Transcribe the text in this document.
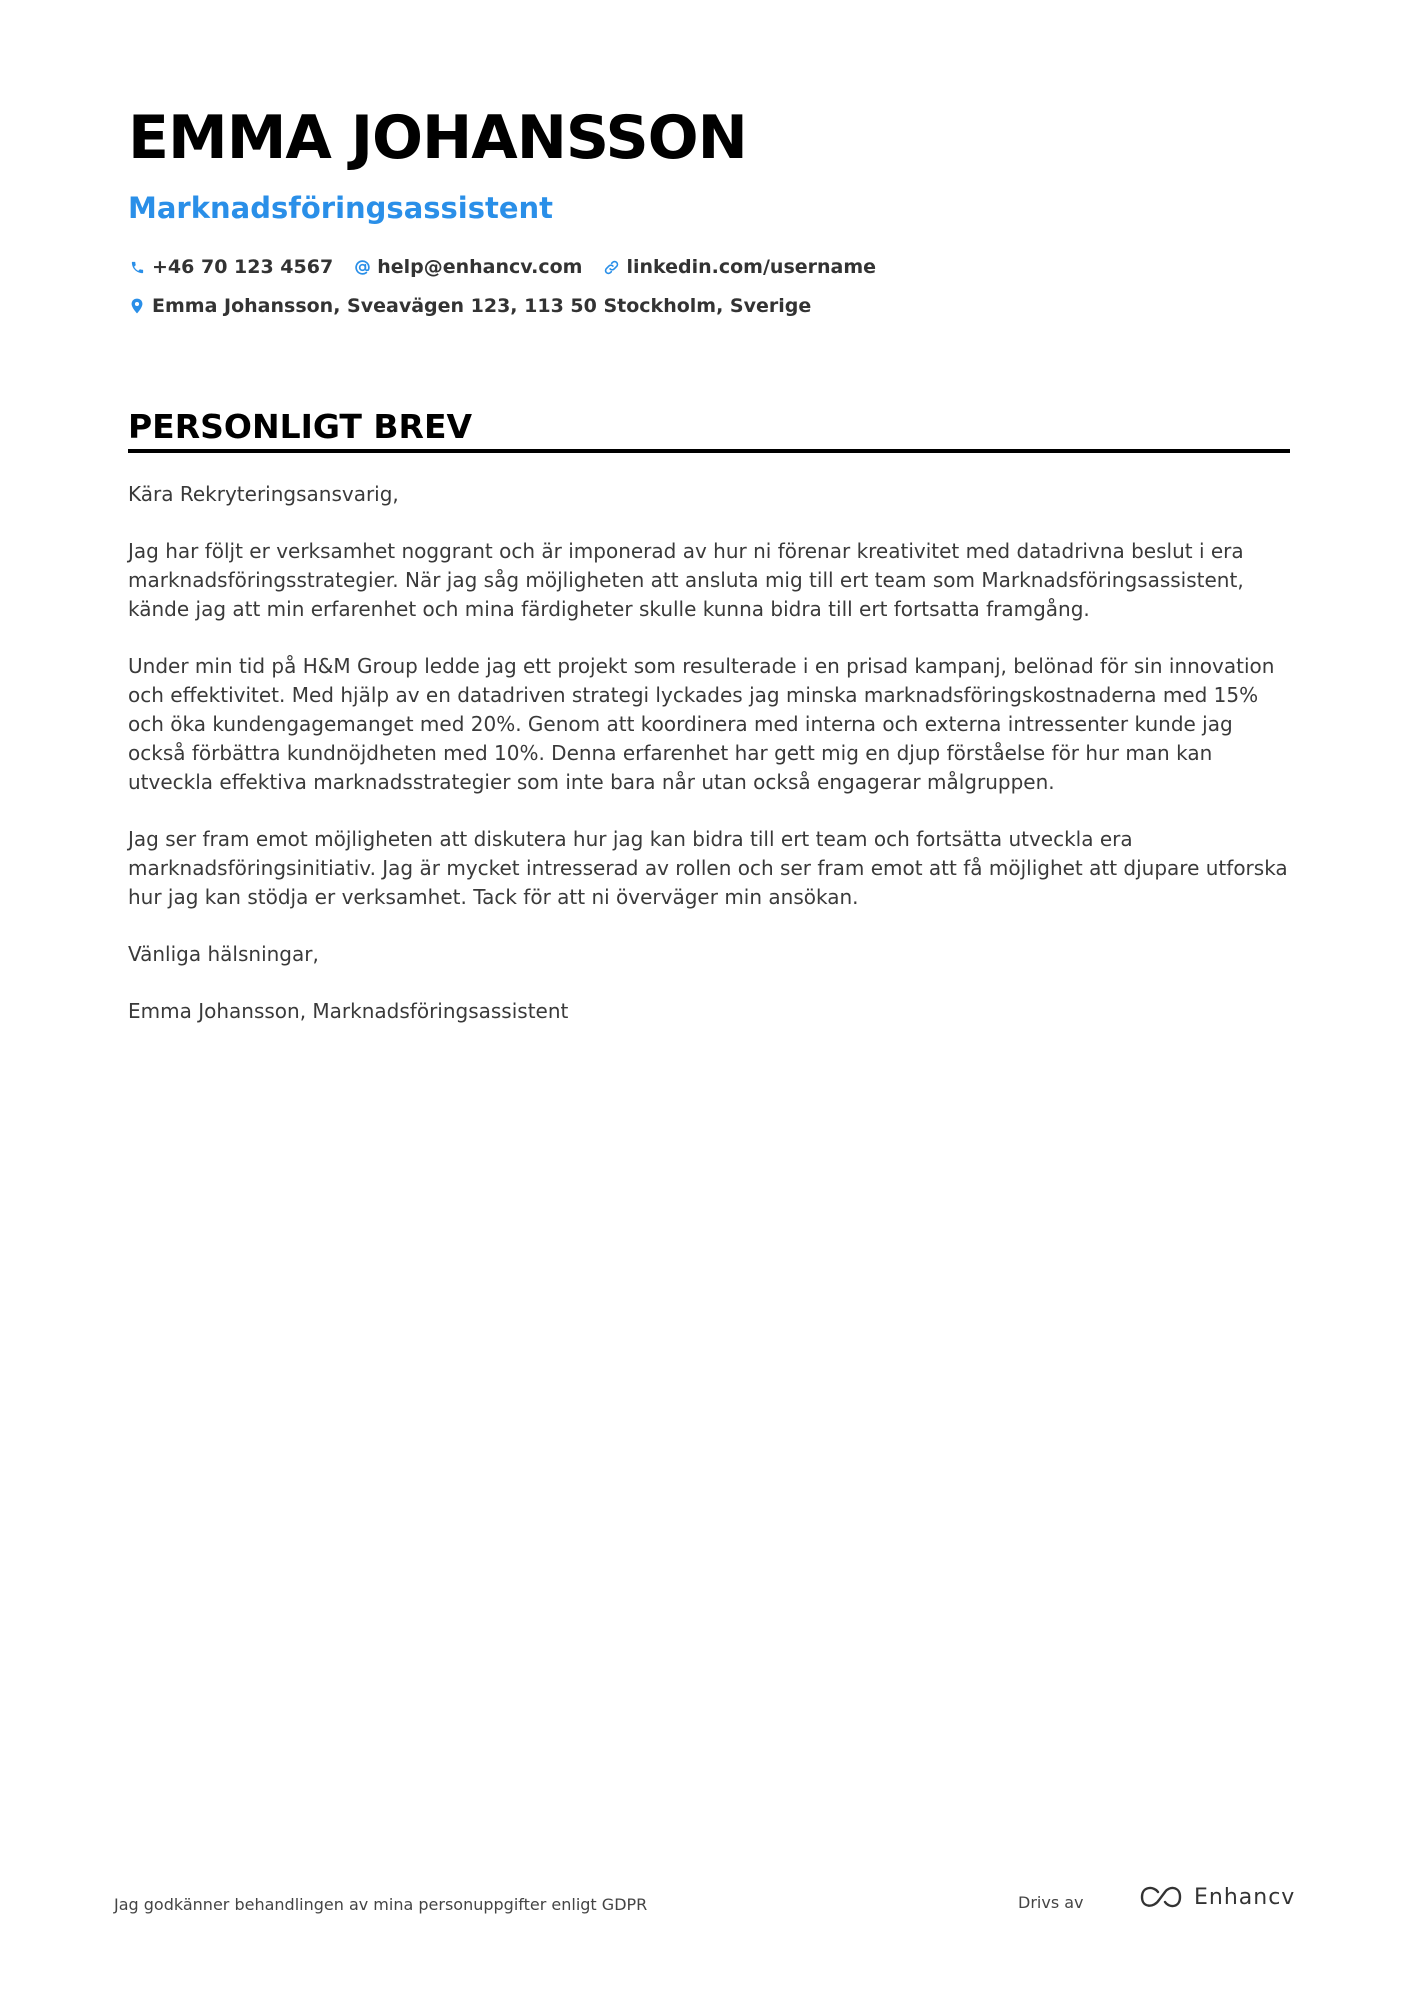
EMMA JOHANSSON
Marknadsföringsassistent
+46 70 123 4567 help@enhancv.com linkedin.com/username
Emma Johansson, Sveavägen 123, 113 50 Stockholm, Sverige
PERSONLIGT BREV

Kära Rekryteringsansvarig,

Jag har följt er verksamhet noggrant och är imponerad av hur ni förenar kreativitet med datadrivna beslut i era marknadsföringsstrategier. När jag såg möjligheten att ansluta mig till ert team som Marknadsföringsassistent, kände jag att min erfarenhet och mina färdigheter skulle kunna bidra till ert fortsatta framgång.

Under min tid på H&M Group ledde jag ett projekt som resulterade i en prisad kampanj, belönad för sin innovation och effektivitet. Med hjälp av en datadriven strategi lyckades jag minska marknadsföringskostnaderna med 15% och öka kundengagemanget med 20%. Genom att koordinera med interna och externa intressenter kunde jag också förbättra kundnöjdheten med 10%. Denna erfarenhet har gett mig en djup förståelse för hur man kan utveckla effektiva marknadsstrategier som inte bara når utan också engagerar målgruppen.

Jag ser fram emot möjligheten att diskutera hur jag kan bidra till ert team och fortsätta utveckla era marknadsföringsinitiativ. Jag är mycket intresserad av rollen och ser fram emot att få möjlighet att djupare utforska hur jag kan stödja er verksamhet. Tack för att ni överväger min ansökan.

Vänliga hälsningar,

Emma Johansson, Marknadsföringsassistent

Jag godkänner behandlingen av mina personuppgifter enligt GDPR	Drivs av	Enhancv
